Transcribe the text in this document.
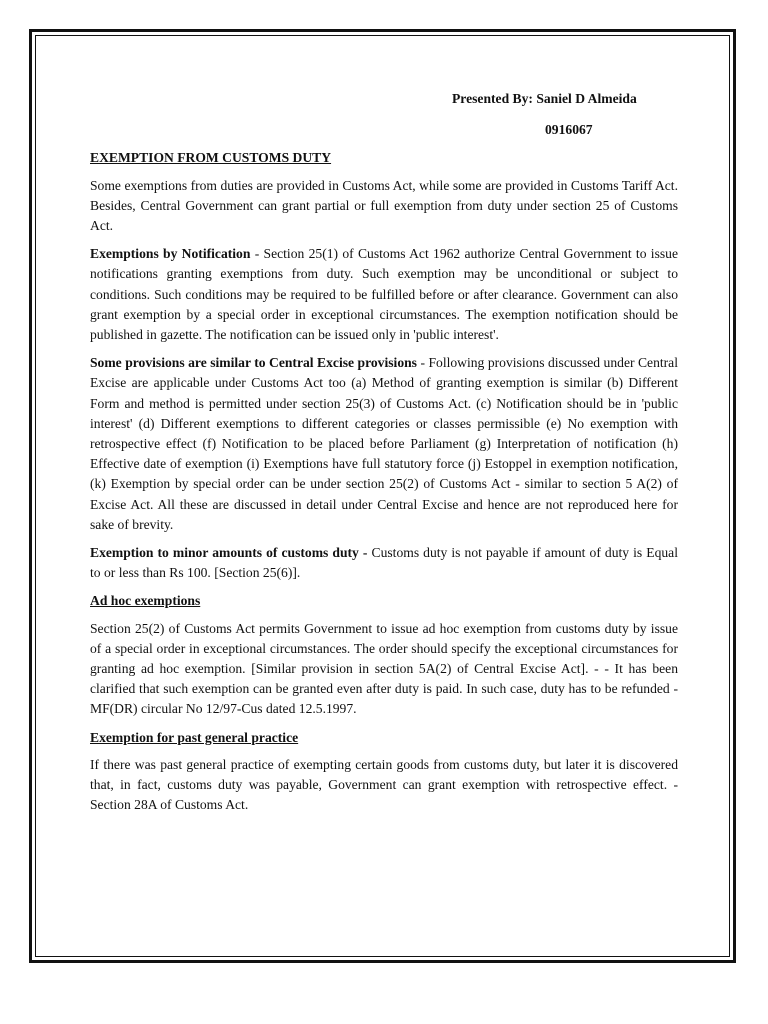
Presented By: Saniel D Almeida
0916067
EXEMPTION FROM CUSTOMS DUTY

Some exemptions from duties are provided in Customs Act, while some are provided in Customs Tariff Act. Besides, Central Government can grant partial or full exemption from duty under section 25 of Customs Act.

Exemptions by Notification - Section 25(1) of Customs Act 1962 authorize Central Government to issue notifications granting exemptions from duty. Such exemption may be unconditional or subject to conditions. Such conditions may be required to be fulfilled before or after clearance. Government can also grant exemption by a special order in exceptional circumstances. The exemption notification should be published in gazette. The notification can be issued only in 'public interest'.

Some provisions are similar to Central Excise provisions - Following provisions discussed under Central Excise are applicable under Customs Act too (a) Method of granting exemption is similar (b) Different Form and method is permitted under section 25(3) of Customs Act. (c) Notification should be in 'public interest' (d) Different exemptions to different categories or classes permissible (e) No exemption with retrospective effect (f) Notification to be placed before Parliament (g) Interpretation of notification (h) Effective date of exemption (i) Exemptions have full statutory force (j) Estoppel in exemption notification, (k) Exemption by special order can be under section 25(2) of Customs Act - similar to section 5 A(2) of Excise Act. All these are discussed in detail under Central Excise and hence are not reproduced here for sake of brevity.

Exemption to minor amounts of customs duty - Customs duty is not payable if amount of duty is Equal to or less than Rs 100. [Section 25(6)].

Ad hoc exemptions

Section 25(2) of Customs Act permits Government to issue ad hoc exemption from customs duty by issue of a special order in exceptional circumstances. The order should specify the exceptional circumstances for granting ad hoc exemption. [Similar provision in section 5A(2) of Central Excise Act]. - - It has been clarified that such exemption can be granted even after duty is paid. In such case, duty has to be refunded - MF(DR) circular No 12/97-Cus dated 12.5.1997.

Exemption for past general practice

If there was past general practice of exempting certain goods from customs duty, but later it is discovered that, in fact, customs duty was payable, Government can grant exemption with retrospective effect. - Section 28A of Customs Act.
